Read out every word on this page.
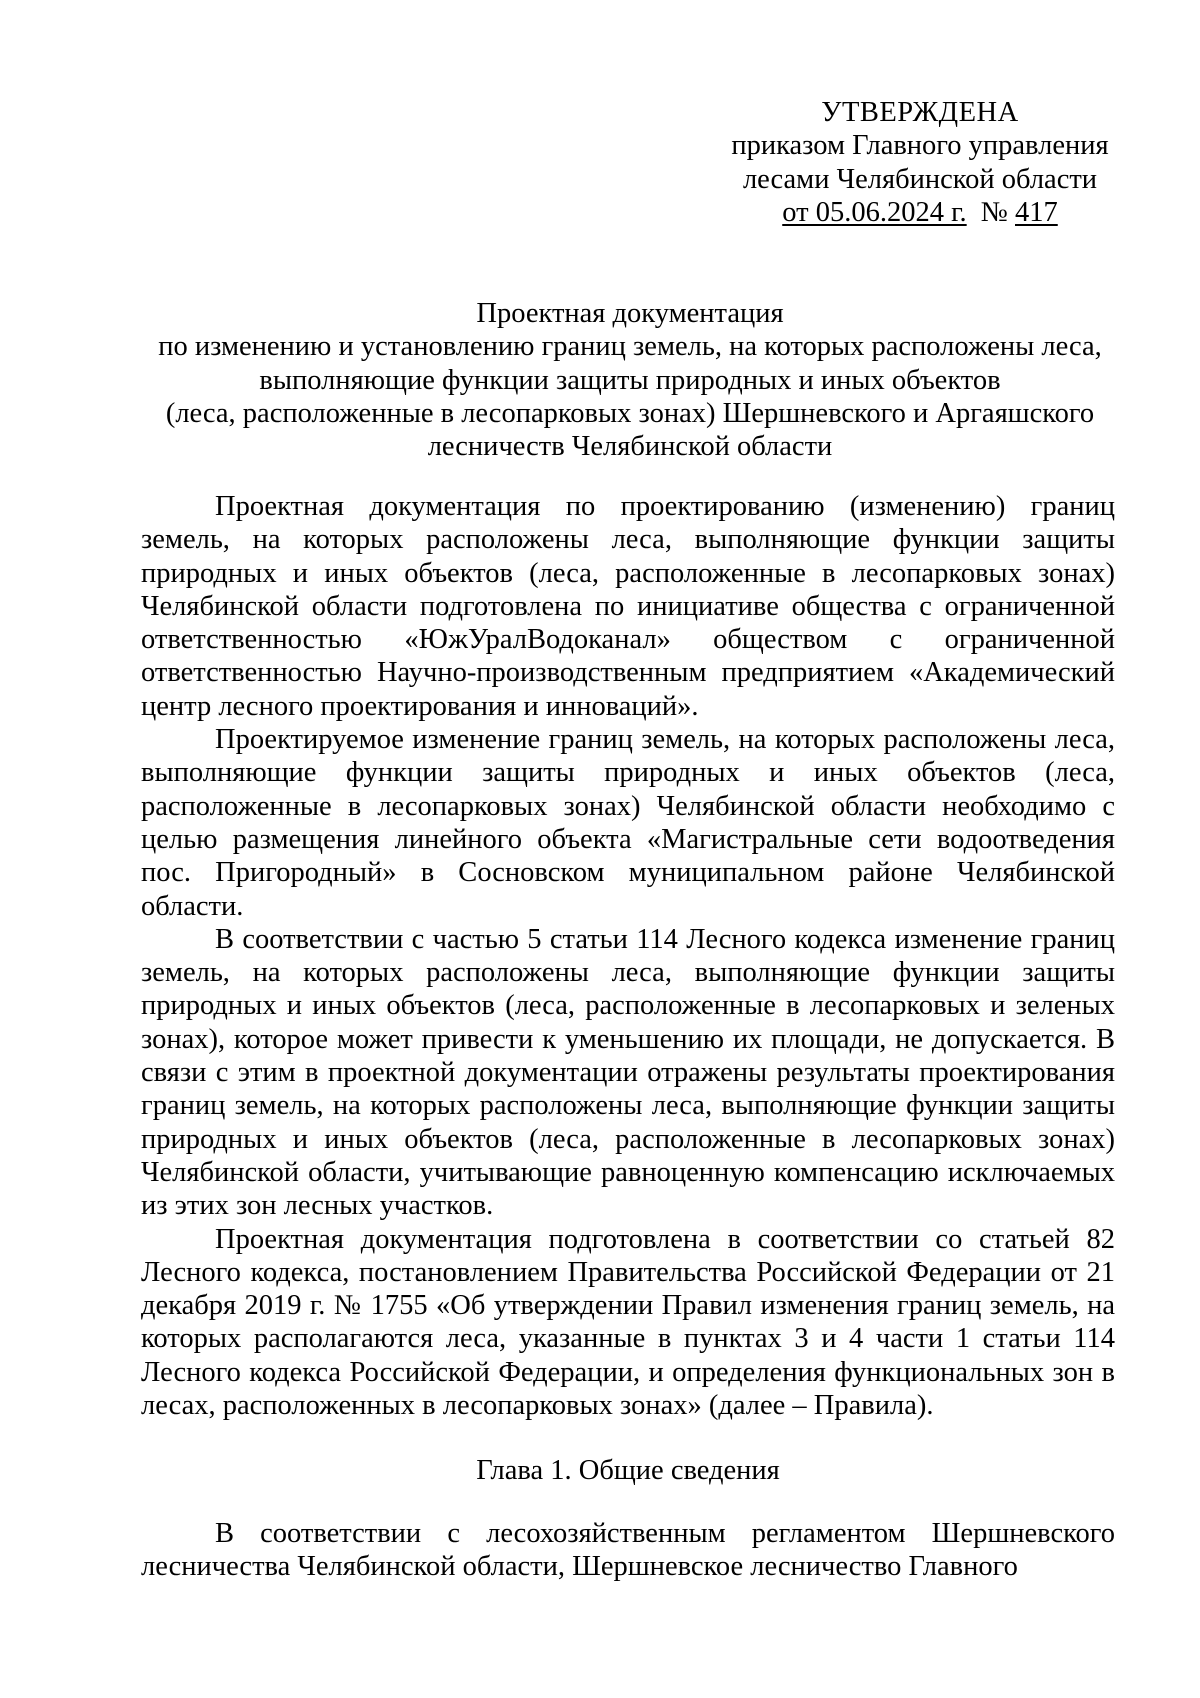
УТВЕРЖДЕНА
приказом Главного управления
лесами Челябинской области
от 05.06.2024 г. № 417
Проектная документация
по изменению и установлению границ земель, на которых расположены леса,
выполняющие функции защиты природных и иных объектов
(леса, расположенные в лесопарковых зонах) Шершневского и Аргаяшского
лесничеств Челябинской области

Проектная документация по проектированию (изменению) границ земель, на которых расположены леса, выполняющие функции защиты природных и иных объектов (леса, расположенные в лесопарковых зонах) Челябинской области подготовлена по инициативе общества с ограниченной ответственностью «ЮжУралВодоканал» обществом с ограниченной ответственностью Научно-производственным предприятием «Академический центр лесного проектирования и инноваций».

Проектируемое изменение границ земель, на которых расположены леса, выполняющие функции защиты природных и иных объектов (леса, расположенные в лесопарковых зонах) Челябинской области необходимо с целью размещения линейного объекта «Магистральные сети водоотведения пос. Пригородный» в Сосновском муниципальном районе Челябинской области.

В соответствии с частью 5 статьи 114 Лесного кодекса изменение границ земель, на которых расположены леса, выполняющие функции защиты природных и иных объектов (леса, расположенные в лесопарковых и зеленых зонах), которое может привести к уменьшению их площади, не допускается. В связи с этим в проектной документации отражены результаты проектирования границ земель, на которых расположены леса, выполняющие функции защиты природных и иных объектов (леса, расположенные в лесопарковых зонах) Челябинской области, учитывающие равноценную компенсацию исключаемых из этих зон лесных участков.

Проектная документация подготовлена в соответствии со статьей 82 Лесного кодекса, постановлением Правительства Российской Федерации от 21 декабря 2019 г. № 1755 «Об утверждении Правил изменения границ земель, на которых располагаются леса, указанные в пунктах 3 и 4 части 1 статьи 114 Лесного кодекса Российской Федерации, и определения функциональных зон в лесах, расположенных в лесопарковых зонах» (далее – Правила).

Глава 1. Общие сведения

В соответствии с лесохозяйственным регламентом Шершневского лесничества Челябинской области, Шершневское лесничество Главного
